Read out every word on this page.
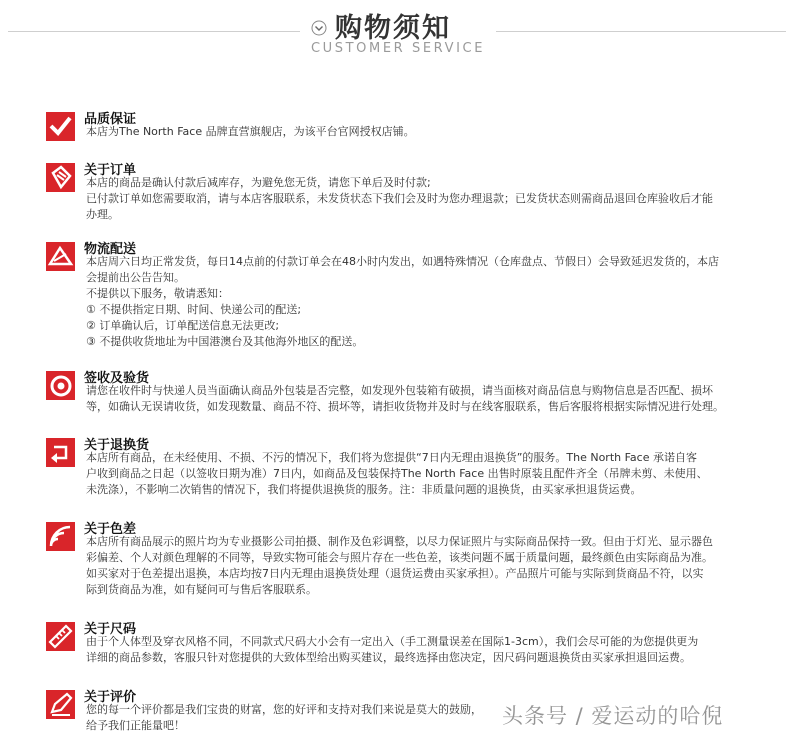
购物须知
CUSTOMER SERVICE
品质保证
本店为The North Face 品牌直营旗舰店，为该平台官网授权店铺。
关于订单
本店的商品是确认付款后减库存，为避免您无货，请您下单后及时付款;
已付款订单如您需要取消，请与本店客服联系，未发货状态下我们会及时为您办理退款；已发货状态则需商品退回仓库验收后才能
办理。
物流配送
本店周六日均正常发货，每日14点前的付款订单会在48小时内发出，如遇特殊情况（仓库盘点、节假日）会导致延迟发货的，本店
会提前出公告告知。
不提供以下服务，敬请悉知：
① 不提供指定日期、时间、快递公司的配送;
② 订单确认后，订单配送信息无法更改;
③ 不提供收货地址为中国港澳台及其他海外地区的配送。
签收及验货
请您在收件时与快递人员当面确认商品外包装是否完整，如发现外包装箱有破损，请当面核对商品信息与购物信息是否匹配、损坏
等，如确认无误请收货，如发现数量、商品不符、损坏等，请拒收货物并及时与在线客服联系，售后客服将根据实际情况进行处理。
关于退换货
本店所有商品，在未经使用、不损、不污的情况下，我们将为您提供“7日内无理由退换货”的服务。The North Face 承诺自客
户收到商品之日起（以签收日期为准）7日内，如商品及包装保持The North Face 出售时原装且配件齐全（吊牌未剪、未使用、
未洗涤），不影响二次销售的情况下，我们将提供退换货的服务。注：非质量问题的退换货，由买家承担退货运费。
关于色差
本店所有商品展示的照片均为专业摄影公司拍摄、制作及色彩调整，以尽力保证照片与实际商品保持一致。但由于灯光、显示器色
彩偏差、个人对颜色理解的不同等，导致实物可能会与照片存在一些色差，该类问题不属于质量问题，最终颜色由实际商品为准。
如买家对于色差提出退换，本店均按7日内无理由退换货处理（退货运费由买家承担）。产品照片可能与实际到货商品不符，以实
际到货商品为准，如有疑问可与售后客服联系。
关于尺码
由于个人体型及穿衣风格不同，不同款式尺码大小会有一定出入（手工测量误差在国际1-3cm），我们会尽可能的为您提供更为
详细的商品参数，客服只针对您提供的大致体型给出购买建议，最终选择由您决定，因尺码问题退换货由买家承担退回运费。
关于评价
您的每一个评价都是我们宝贵的财富，您的好评和支持对我们来说是莫大的鼓励，
给予我们正能量吧！	头条号 / 爱运动的哈倪
